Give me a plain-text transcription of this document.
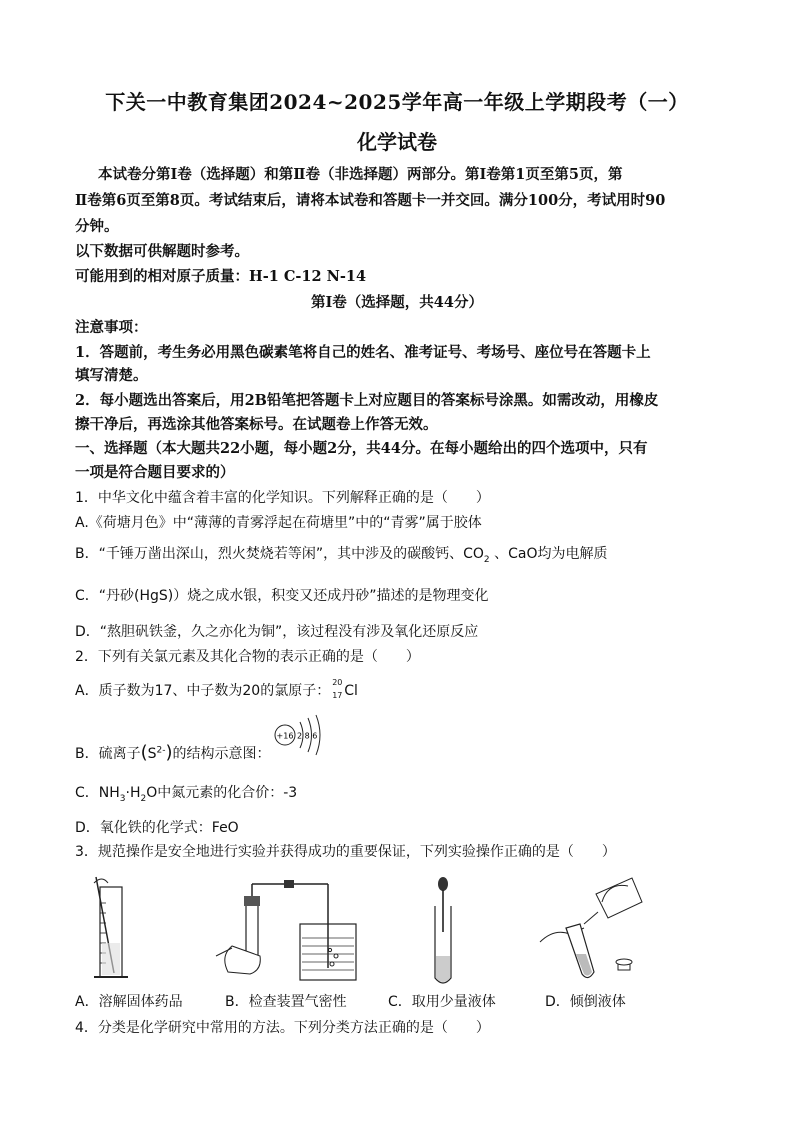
下关一中教育集团2024~2025学年高一年级上学期段考（一）
化学试卷
本试卷分第Ⅰ卷（选择题）和第Ⅱ卷（非选择题）两部分。第Ⅰ卷第1页至第5页，第
Ⅱ卷第6页至第8页。考试结束后，请将本试卷和答题卡一并交回。满分100分，考试用时90
分钟。
以下数据可供解题时参考。
可能用到的相对原子质量：H-1 C-12 N-14
第Ⅰ卷（选择题，共44分）
注意事项：
1．答题前，考生务必用黑色碳素笔将自己的姓名、准考证号、考场号、座位号在答题卡上
填写清楚。
2．每小题选出答案后，用2B铅笔把答题卡上对应题目的答案标号涂黑。如需改动，用橡皮
擦干净后，再选涂其他答案标号。在试题卷上作答无效。
一、选择题（本大题共22小题，每小题2分，共44分。在每小题给出的四个选项中，只有
一项是符合题目要求的）
1．中华文化中蕴含着丰富的化学知识。下列解释正确的是（　　）
A.《荷塘月色》中“薄薄的青雾浮起在荷塘里”中的“青雾”属于胶体
B．“千锤万凿出深山，烈火焚烧若等闲”，其中涉及的碳酸钙、$CO_2$ 、CaO均为电解质
C．“丹砂(HgS)）烧之成水银，积变又还成丹砂”描述的是物理变化
D．“熬胆矾铁釜，久之亦化为铜”，该过程没有涉及氧化还原反应
2．下列有关氯元素及其化合物的表示正确的是（　　）
A．质子数为17、中子数为20的氯原子：
20
17 Cl
B．硫离子$(S^{2-})$的结构示意图：
+16 2 8 6
C．$NH_3\cdot H_2O$中氮元素的化合价：-3
D．氧化铁的化学式：FeO
3．规范操作是安全地进行实验并获得成功的重要保证，下列实验操作正确的是（　　）
A．溶解固体药品	B．检查装置气密性	C．取用少量液体	D．倾倒液体
4．分类是化学研究中常用的方法。下列分类方法正确的是（　　）
